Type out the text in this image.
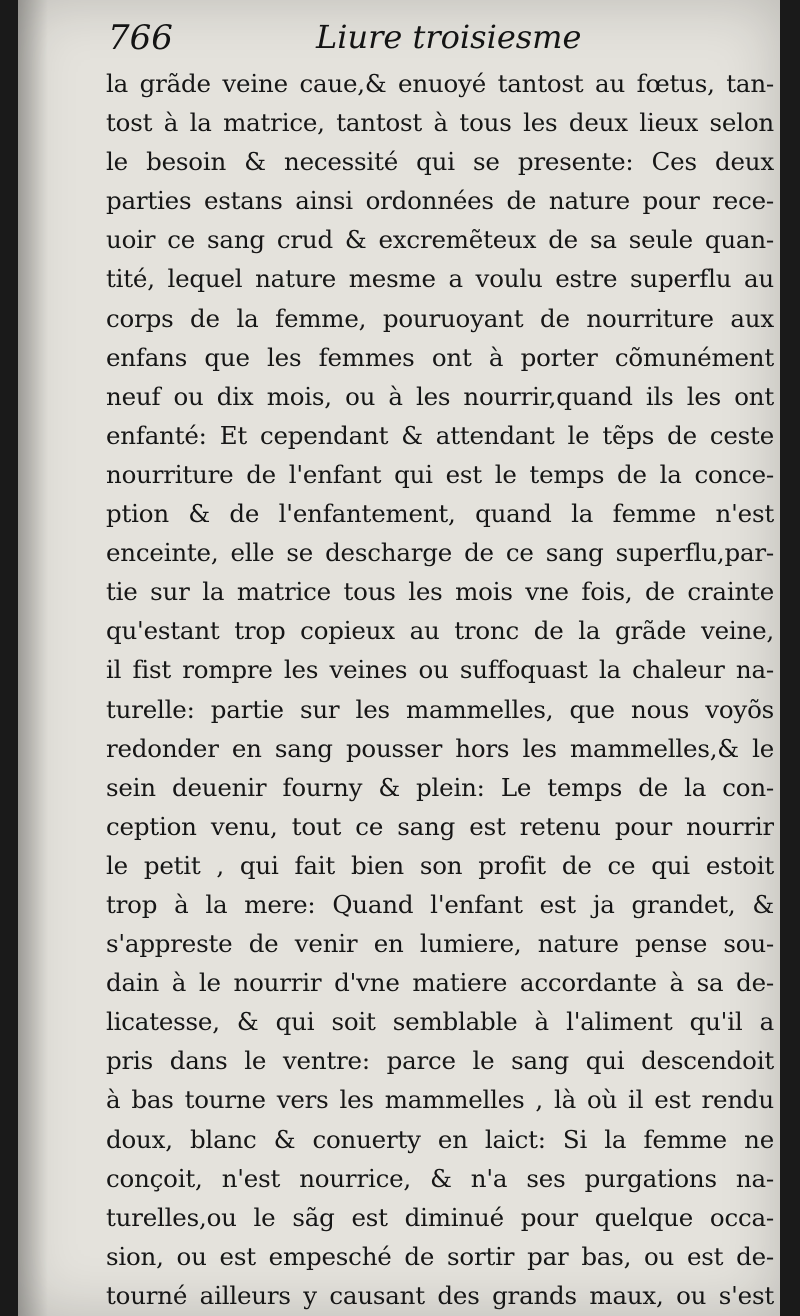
766	Liure troisiesme
la grãde veine caue,& enuoyé tantost au fœtus, tan-
tost à la matrice, tantost à tous les deux lieux selon
le besoin & necessité qui se presente: Ces deux
parties estans ainsi ordonnées de nature pour rece-
uoir ce sang crud & excremẽteux de sa seule quan-
tité, lequel nature mesme a voulu estre superflu au
corps de la femme, pouruoyant de nourriture aux
enfans que les femmes ont à porter cõmunément
neuf ou dix mois, ou à les nourrir,quand ils les ont
enfanté: Et cependant & attendant le tẽps de ceste
nourriture de l'enfant qui est le temps de la conce-
ption & de l'enfantement, quand la femme n'est
enceinte, elle se descharge de ce sang superflu,par-
tie sur la matrice tous les mois vne fois, de crainte
qu'estant trop copieux au tronc de la grãde veine,
il fist rompre les veines ou suffoquast la chaleur na-
turelle: partie sur les mammelles, que nous voyõs
redonder en sang pousser hors les mammelles,& le
sein deuenir fourny & plein: Le temps de la con-
ception venu, tout ce sang est retenu pour nourrir
le petit , qui fait bien son profit de ce qui estoit
trop à la mere: Quand l'enfant est ja grandet, &
s'appreste de venir en lumiere, nature pense sou-
dain à le nourrir d'vne matiere accordante à sa de-
licatesse, & qui soit semblable à l'aliment qu'il a
pris dans le ventre: parce le sang qui descendoit
à bas tourne vers les mammelles , là où il est rendu
doux, blanc & conuerty en laict: Si la femme ne
conçoit, n'est nourrice, & n'a ses purgations na-
turelles,ou le sãg est diminué pour quelque occa-
sion, ou est empesché de sortir par bas, ou est de-
tourné ailleurs y causant des grands maux, ou s'est
